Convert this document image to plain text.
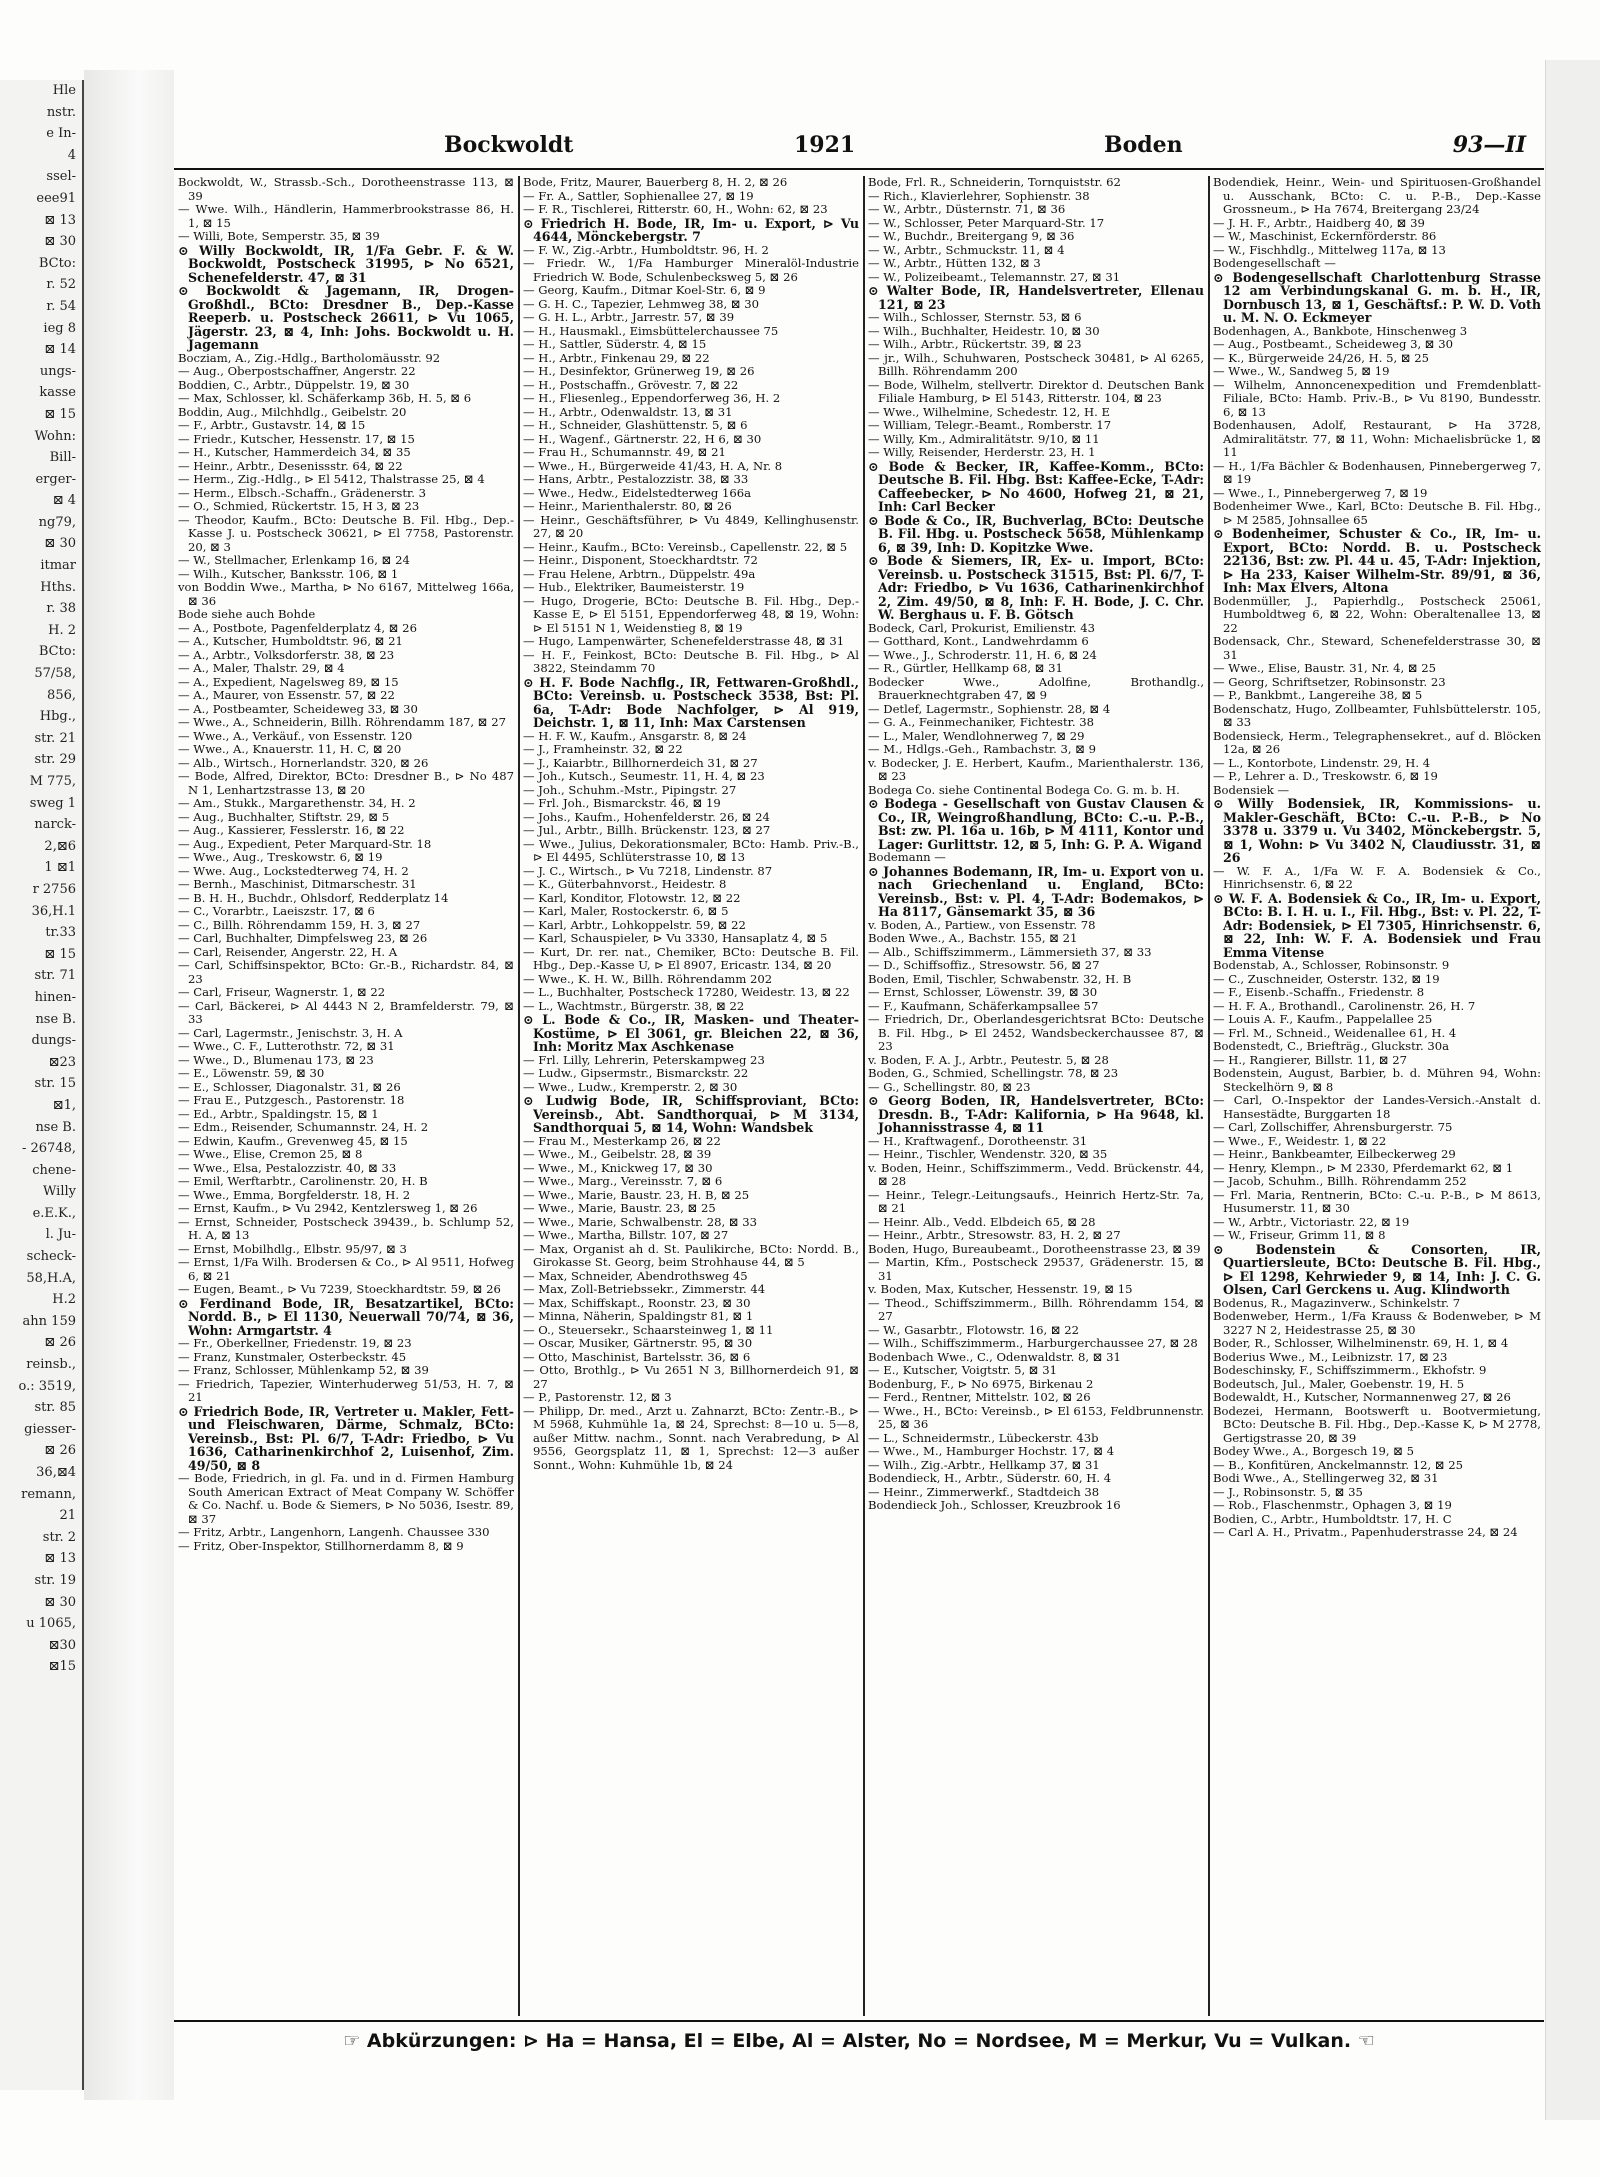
Hle
nstr.
e In-
4
ssel-
eee91
⊠ 13
⊠ 30
BCto:
r. 52
r. 54
ieg 8
⊠ 14
ungs-
kasse
⊠ 15
Wohn:
Bill-
erger-
⊠ 4
ng79,
⊠ 30
itmar
Hths.
r. 38
H. 2
BCto:
57/58,
856,
Hbg.,
str. 21
str. 29
M 775,
sweg 1
narck-
2,⊠6
1 ⊠1
r 2756
36,H.1
tr.33
⊠ 15
str. 71
hinen-
nse B.
dungs-
⊠23
str. 15
⊠1,
nse B.
- 26748,
chene-
Willy
e.E.K.,
l. Ju-
scheck-
58,H.A,
H.2
ahn 159
⊠ 26
reinsb.,
o.: 3519,
str. 85
giesser-
⊠ 26
36,⊠4
remann,
21
str. 2
⊠ 13
str. 19
⊠ 30
u 1065,
⊠30
⊠15
Bockwoldt	1921	Boden	93—II
Bockwoldt, W., Strassb.-Sch., Dorotheenstrasse 113, ⊠ 39
— Wwe. Wilh., Händlerin, Hammerbrookstrasse 86, H. 1, ⊠ 15
— Willi, Bote, Semperstr. 35, ⊠ 39
⊙ Willy Bockwoldt, IR, 1/Fa Gebr. F. & W. Bockwoldt, Postscheck 31995, ⊳ No 6521, Schenefelderstr. 47, ⊠ 31
⊙ Bockwoldt & Jagemann, IR, Drogen-Großhdl., BCto: Dresdner B., Dep.-Kasse Reeperb. u. Postscheck 26611, ⊳ Vu 1065, Jägerstr. 23, ⊠ 4, Inh: Johs. Bockwoldt u. H. Jagemann
Bocziam, A., Zig.-Hdlg., Bartholomäusstr. 92
— Aug., Oberpostschaffner, Angerstr. 22
Boddien, C., Arbtr., Düppelstr. 19, ⊠ 30
— Max, Schlosser, kl. Schäferkamp 36b, H. 5, ⊠ 6
Boddin, Aug., Milchhdlg., Geibelstr. 20
— F., Arbtr., Gustavstr. 14, ⊠ 15
— Friedr., Kutscher, Hessenstr. 17, ⊠ 15
— H., Kutscher, Hammerdeich 34, ⊠ 35
— Heinr., Arbtr., Desenissstr. 64, ⊠ 22
— Herm., Zig.-Hdlg., ⊳ El 5412, Thalstrasse 25, ⊠ 4
— Herm., Elbsch.-Schaffn., Grädenerstr. 3
— O., Schmied, Rückertstr. 15, H 3, ⊠ 23
— Theodor, Kaufm., BCto: Deutsche B. Fil. Hbg., Dep.-Kasse J. u. Postscheck 30621, ⊳ El 7758, Pastorenstr. 20, ⊠ 3
— W., Stellmacher, Erlenkamp 16, ⊠ 24
— Wilh., Kutscher, Banksstr. 106, ⊠ 1
von Boddin Wwe., Martha, ⊳ No 6167, Mittelweg 166a, ⊠ 36
Bode siehe auch Bohde
— A., Postbote, Pagenfelderplatz 4, ⊠ 26
— A., Kutscher, Humboldtstr. 96, ⊠ 21
— A., Arbtr., Volksdorferstr. 38, ⊠ 23
— A., Maler, Thalstr. 29, ⊠ 4
— A., Expedient, Nagelsweg 89, ⊠ 15
— A., Maurer, von Essenstr. 57, ⊠ 22
— A., Postbeamter, Scheideweg 33, ⊠ 30
— Wwe., A., Schneiderin, Billh. Röhrendamm 187, ⊠ 27
— Wwe., A., Verkäuf., von Essenstr. 120
— Wwe., A., Knauerstr. 11, H. C, ⊠ 20
— Alb., Wirtsch., Hornerlandstr. 320, ⊠ 26
— Bode, Alfred, Direktor, BCto: Dresdner B., ⊳ No 487 N 1, Lenhartzstrasse 13, ⊠ 20
— Am., Stukk., Margarethenstr. 34, H. 2
— Aug., Buchhalter, Stiftstr. 29, ⊠ 5
— Aug., Kassierer, Fesslerstr. 16, ⊠ 22
— Aug., Expedient, Peter Marquard-Str. 18
— Wwe., Aug., Treskowstr. 6, ⊠ 19
— Wwe. Aug., Lockstedterweg 74, H. 2
— Bernh., Maschinist, Ditmarschestr. 31
— B. H. H., Buchdr., Ohlsdorf, Redderplatz 14
— C., Vorarbtr., Laeiszstr. 17, ⊠ 6
— C., Billh. Röhrendamm 159, H. 3, ⊠ 27
— Carl, Buchhalter, Dimpfelsweg 23, ⊠ 26
— Carl, Reisender, Angerstr. 22, H. A
— Carl, Schiffsinspektor, BCto: Gr.-B., Richardstr. 84, ⊠ 23
— Carl, Friseur, Wagnerstr. 1, ⊠ 22
— Carl, Bäckerei, ⊳ Al 4443 N 2, Bramfelderstr. 79, ⊠ 33
— Carl, Lagermstr., Jenischstr. 3, H. A
— Wwe., C. F., Lutterothstr. 72, ⊠ 31
— Wwe., D., Blumenau 173, ⊠ 23
— E., Löwenstr. 59, ⊠ 30
— E., Schlosser, Diagonalstr. 31, ⊠ 26
— Frau E., Putzgesch., Pastorenstr. 18
— Ed., Arbtr., Spaldingstr. 15, ⊠ 1
— Edm., Reisender, Schumannstr. 24, H. 2
— Edwin, Kaufm., Grevenweg 45, ⊠ 15
— Wwe., Elise, Cremon 25, ⊠ 8
— Wwe., Elsa, Pestalozzistr. 40, ⊠ 33
— Emil, Werftarbtr., Carolinenstr. 20, H. B
— Wwe., Emma, Borgfelderstr. 18, H. 2
— Ernst, Kaufm., ⊳ Vu 2942, Kentzlersweg 1, ⊠ 26
— Ernst, Schneider, Postscheck 39439., b. Schlump 52, H. A, ⊠ 13
— Ernst, Mobilhdlg., Elbstr. 95/97, ⊠ 3
— Ernst, 1/Fa Wilh. Brodersen & Co., ⊳ Al 9511, Hofweg 6, ⊠ 21
— Eugen, Beamt., ⊳ Vu 7239, Stoeckhardtstr. 59, ⊠ 26
⊙ Ferdinand Bode, IR, Besatzartikel, BCto: Nordd. B., ⊳ El 1130, Neuerwall 70/74, ⊠ 36, Wohn: Armgartstr. 4
— Fr., Oberkellner, Friedenstr. 19, ⊠ 23
— Franz, Kunstmaler, Osterbeckstr. 45
— Franz, Schlosser, Mühlenkamp 52, ⊠ 39
— Friedrich, Tapezier, Winterhuderweg 51/53, H. 7, ⊠ 21
⊙ Friedrich Bode, IR, Vertreter u. Makler, Fett- und Fleischwaren, Därme, Schmalz, BCto: Vereinsb., Bst: Pl. 6/7, T-Adr: Friedbo, ⊳ Vu 1636, Catharinenkirchhof 2, Luisenhof, Zim. 49/50, ⊠ 8
— Bode, Friedrich, in gl. Fa. und in d. Firmen Hamburg South American Extract of Meat Company W. Schöffer & Co. Nachf. u. Bode & Siemers, ⊳ No 5036, Isestr. 89, ⊠ 37
— Fritz, Arbtr., Langenhorn, Langenh. Chaussee 330
— Fritz, Ober-Inspektor, Stillhornerdamm 8, ⊠ 9
Bode, Fritz, Maurer, Bauerberg 8, H. 2, ⊠ 26
— Fr. A., Sattler, Sophienallee 27, ⊠ 19
— F. R., Tischlerei, Ritterstr. 60, H., Wohn: 62, ⊠ 23
⊙ Friedrich H. Bode, IR, Im- u. Export, ⊳ Vu 4644, Mönckebergstr. 7
— F. W., Zig.-Arbtr., Humboldtstr. 96, H. 2
— Friedr. W., 1/Fa Hamburger Mineralöl-Industrie Friedrich W. Bode, Schulenbecksweg 5, ⊠ 26
— Georg, Kaufm., Ditmar Koel-Str. 6, ⊠ 9
— G. H. C., Tapezier, Lehmweg 38, ⊠ 30
— G. H. L., Arbtr., Jarrestr. 57, ⊠ 39
— H., Hausmakl., Eimsbüttelerchaussee 75
— H., Sattler, Süderstr. 4, ⊠ 15
— H., Arbtr., Finkenau 29, ⊠ 22
— H., Desinfektor, Grünerweg 19, ⊠ 26
— H., Postschaffn., Grövestr. 7, ⊠ 22
— H., Fliesenleg., Eppendorferweg 36, H. 2
— H., Arbtr., Odenwaldstr. 13, ⊠ 31
— H., Schneider, Glashüttenstr. 5, ⊠ 6
— H., Wagenf., Gärtnerstr. 22, H 6, ⊠ 30
— Frau H., Schumannstr. 49, ⊠ 21
— Wwe., H., Bürgerweide 41/43, H. A, Nr. 8
— Hans, Arbtr., Pestalozzistr. 38, ⊠ 33
— Wwe., Hedw., Eidelstedterweg 166a
— Heinr., Marienthalerstr. 80, ⊠ 26
— Heinr., Geschäftsführer, ⊳ Vu 4849, Kellinghusenstr. 27, ⊠ 20
— Heinr., Kaufm., BCto: Vereinsb., Capellenstr. 22, ⊠ 5
— Heinr., Disponent, Stoeckhardtstr. 72
— Frau Helene, Arbtrn., Düppelstr. 49a
— Hub., Elektriker, Baumeisterstr. 19
— Hugo, Drogerie, BCto: Deutsche B. Fil. Hbg., Dep.-Kasse E, ⊳ El 5151, Eppendorferweg 48, ⊠ 19, Wohn: ⊳ El 5151 N 1, Weidenstieg 8, ⊠ 19
— Hugo, Lampenwärter, Schenefelderstrasse 48, ⊠ 31
— H. F., Feinkost, BCto: Deutsche B. Fil. Hbg., ⊳ Al 3822, Steindamm 70
⊙ H. F. Bode Nachflg., IR, Fettwaren-Großhdl., BCto: Vereinsb. u. Postscheck 3538, Bst: Pl. 6a, T-Adr: Bode Nachfolger, ⊳ Al 919, Deichstr. 1, ⊠ 11, Inh: Max Carstensen
— H. F. W., Kaufm., Ansgarstr. 8, ⊠ 24
— J., Framheinstr. 32, ⊠ 22
— J., Kaiarbtr., Billhornerdeich 31, ⊠ 27
— Joh., Kutsch., Seumestr. 11, H. 4, ⊠ 23
— Joh., Schuhm.-Mstr., Pipingstr. 27
— Frl. Joh., Bismarckstr. 46, ⊠ 19
— Johs., Kaufm., Hohenfelderstr. 26, ⊠ 24
— Jul., Arbtr., Billh. Brückenstr. 123, ⊠ 27
— Wwe., Julius, Dekorationsmaler, BCto: Hamb. Priv.-B., ⊳ El 4495, Schlüterstrasse 10, ⊠ 13
— J. C., Wirtsch., ⊳ Vu 7218, Lindenstr. 87
— K., Güterbahnvorst., Heidestr. 8
— Karl, Konditor, Flotowstr. 12, ⊠ 22
— Karl, Maler, Rostockerstr. 6, ⊠ 5
— Karl, Arbtr., Lohkoppelstr. 59, ⊠ 22
— Karl, Schauspieler, ⊳ Vu 3330, Hansaplatz 4, ⊠ 5
— Kurt, Dr. rer. nat., Chemiker, BCto: Deutsche B. Fil. Hbg., Dep.-Kasse U, ⊳ El 8907, Ericastr. 134, ⊠ 20
— Wwe., K. H. W., Billh. Röhrendamm 202
— L., Buchhalter, Postscheck 17280, Weidestr. 13, ⊠ 22
— L., Wachtmstr., Bürgerstr. 38, ⊠ 22
⊙ L. Bode & Co., IR, Masken- und Theater-Kostüme, ⊳ El 3061, gr. Bleichen 22, ⊠ 36, Inh: Moritz Max Aschkenase
— Frl. Lilly, Lehrerin, Peterskampweg 23
— Ludw., Gipsermstr., Bismarckstr. 22
— Wwe., Ludw., Kremperstr. 2, ⊠ 30
⊙ Ludwig Bode, IR, Schiffsproviant, BCto: Vereinsb., Abt. Sandthorquai, ⊳ M 3134, Sandthorquai 5, ⊠ 14, Wohn: Wandsbek
— Frau M., Mesterkamp 26, ⊠ 22
— Wwe., M., Geibelstr. 28, ⊠ 39
— Wwe., M., Knickweg 17, ⊠ 30
— Wwe., Marg., Vereinsstr. 7, ⊠ 6
— Wwe., Marie, Baustr. 23, H. B, ⊠ 25
— Wwe., Marie, Baustr. 23, ⊠ 25
— Wwe., Marie, Schwalbenstr. 28, ⊠ 33
— Wwe., Martha, Billstr. 107, ⊠ 27
— Max, Organist ah d. St. Paulikirche, BCto: Nordd. B., Girokasse St. Georg, beim Strohhause 44, ⊠ 5
— Max, Schneider, Abendrothsweg 45
— Max, Zoll-Betriebssekr., Zimmerstr. 44
— Max, Schiffskapt., Roonstr. 23, ⊠ 30
— Minna, Näherin, Spaldingstr 81, ⊠ 1
— O., Steuersekr., Schaarsteinweg 1, ⊠ 11
— Oscar, Musiker, Gärtnerstr. 95, ⊠ 30
— Otto, Maschinist, Bartelsstr. 36, ⊠ 6
— Otto, Brothlg., ⊳ Vu 2651 N 3, Billhornerdeich 91, ⊠ 27
— P., Pastorenstr. 12, ⊠ 3
— Philipp, Dr. med., Arzt u. Zahnarzt, BCto: Zentr.-B., ⊳ M 5968, Kuhmühle 1a, ⊠ 24, Sprechst: 8—10 u. 5—8, außer Mittw. nachm., Sonnt. nach Verabredung, ⊳ Al 9556, Georgsplatz 11, ⊠ 1, Sprechst: 12—3 außer Sonnt., Wohn: Kuhmühle 1b, ⊠ 24
Bode, Frl. R., Schneiderin, Tornquiststr. 62
— Rich., Klavierlehrer, Sophienstr. 38
— W., Arbtr., Düsternstr. 71, ⊠ 36
— W., Schlosser, Peter Marquard-Str. 17
— W., Buchdr., Breitergang 9, ⊠ 36
— W., Arbtr., Schmuckstr. 11, ⊠ 4
— W., Arbtr., Hütten 132, ⊠ 3
— W., Polizeibeamt., Telemannstr. 27, ⊠ 31
⊙ Walter Bode, IR, Handelsvertreter, Ellenau 121, ⊠ 23
— Wilh., Schlosser, Sternstr. 53, ⊠ 6
— Wilh., Buchhalter, Heidestr. 10, ⊠ 30
— Wilh., Arbtr., Rückertstr. 39, ⊠ 23
— jr., Wilh., Schuhwaren, Postscheck 30481, ⊳ Al 6265, Billh. Röhrendamm 200
— Bode, Wilhelm, stellvertr. Direktor d. Deutschen Bank Filiale Hamburg, ⊳ El 5143, Ritterstr. 104, ⊠ 23
— Wwe., Wilhelmine, Schedestr. 12, H. E
— William, Telegr.-Beamt., Romberstr. 17
— Willy, Km., Admiralitätstr. 9/10, ⊠ 11
— Willy, Reisender, Herderstr. 23, H. 1
⊙ Bode & Becker, IR, Kaffee-Komm., BCto: Deutsche B. Fil. Hbg. Bst: Kaffee-Ecke, T-Adr: Caffeebecker, ⊳ No 4600, Hofweg 21, ⊠ 21, Inh: Carl Becker
⊙ Bode & Co., IR, Buchverlag, BCto: Deutsche B. Fil. Hbg. u. Postscheck 5658, Mühlenkamp 6, ⊠ 39, Inh: D. Kopitzke Wwe.
⊙ Bode & Siemers, IR, Ex- u. Import, BCto: Vereinsb. u. Postscheck 31515, Bst: Pl. 6/7, T-Adr: Friedbo, ⊳ Vu 1636, Catharinenkirchhof 2, Zim. 49/50, ⊠ 8, Inh: F. H. Bode, J. C. Chr. W. Berghaus u. F. B. Götsch
Bodeck, Carl, Prokurist, Emilienstr. 43
— Gotthard, Kont., Landwehrdamm 6
— Wwe., J., Schroderstr. 11, H. 6, ⊠ 24
— R., Gürtler, Hellkamp 68, ⊠ 31
Bodecker Wwe., Adolfine, Brothandlg., Brauerknechtgraben 47, ⊠ 9
— Detlef, Lagermstr., Sophienstr. 28, ⊠ 4
— G. A., Feinmechaniker, Fichtestr. 38
— L., Maler, Wendlohnerweg 7, ⊠ 29
— M., Hdlgs.-Geh., Rambachstr. 3, ⊠ 9
v. Bodecker, J. E. Herbert, Kaufm., Marienthalerstr. 136, ⊠ 23
Bodega Co. siehe Continental Bodega Co. G. m. b. H.
⊙ Bodega - Gesellschaft von Gustav Clausen & Co., IR, Weingroßhandlung, BCto: C.-u. P.-B., Bst: zw. Pl. 16a u. 16b, ⊳ M 4111, Kontor und Lager: Gurlittstr. 12, ⊠ 5, Inh: G. P. A. Wigand
Bodemann —
⊙ Johannes Bodemann, IR, Im- u. Export von u. nach Griechenland u. England, BCto: Vereinsb., Bst: v. Pl. 4, T-Adr: Bodemakos, ⊳ Ha 8117, Gänsemarkt 35, ⊠ 36
v. Boden, A., Partiew., von Essenstr. 78
Boden Wwe., A., Bachstr. 155, ⊠ 21
— Alb., Schiffszimmerm., Lämmersieth 37, ⊠ 33
— D., Schiffsoffiz., Stresowstr. 56, ⊠ 27
Boden, Emil, Tischler, Schwabenstr. 32, H. B
— Ernst, Schlosser, Löwenstr. 39, ⊠ 30
— F., Kaufmann, Schäferkampsallee 57
— Friedrich, Dr., Oberlandesgerichtsrat BCto: Deutsche B. Fil. Hbg., ⊳ El 2452, Wandsbeckerchaussee 87, ⊠ 23
v. Boden, F. A. J., Arbtr., Peutestr. 5, ⊠ 28
Boden, G., Schmied, Schellingstr. 78, ⊠ 23
— G., Schellingstr. 80, ⊠ 23
⊙ Georg Boden, IR, Handelsvertreter, BCto: Dresdn. B., T-Adr: Kalifornia, ⊳ Ha 9648, kl. Johannisstrasse 4, ⊠ 11
— H., Kraftwagenf., Dorotheenstr. 31
— Heinr., Tischler, Wendenstr. 320, ⊠ 35
v. Boden, Heinr., Schiffszimmerm., Vedd. Brückenstr. 44, ⊠ 28
— Heinr., Telegr.-Leitungsaufs., Heinrich Hertz-Str. 7a, ⊠ 21
— Heinr. Alb., Vedd. Elbdeich 65, ⊠ 28
— Heinr., Arbtr., Stresowstr. 83, H. 2, ⊠ 27
Boden, Hugo, Bureaubeamt., Dorotheenstrasse 23, ⊠ 39
— Martin, Kfm., Postscheck 29537, Grädenerstr. 15, ⊠ 31
v. Boden, Max, Kutscher, Hessenstr. 19, ⊠ 15
— Theod., Schiffszimmerm., Billh. Röhrendamm 154, ⊠ 27
— W., Gasarbtr., Flotowstr. 16, ⊠ 22
— Wilh., Schiffszimmerm., Harburgerchaussee 27, ⊠ 28
Bodenbach Wwe., C., Odenwaldstr. 8, ⊠ 31
— E., Kutscher, Voigtstr. 5, ⊠ 31
Bodenburg, F., ⊳ No 6975, Birkenau 2
— Ferd., Rentner, Mittelstr. 102, ⊠ 26
— Wwe., H., BCto: Vereinsb., ⊳ El 6153, Feldbrunnenstr. 25, ⊠ 36
— L., Schneidermstr., Lübeckerstr. 43b
— Wwe., M., Hamburger Hochstr. 17, ⊠ 4
— Wilh., Zig.-Arbtr., Hellkamp 37, ⊠ 31
Bodendieck, H., Arbtr., Süderstr. 60, H. 4
— Heinr., Zimmerwerkf., Stadtdeich 38
Bodendieck Joh., Schlosser, Kreuzbrook 16
Bodendiek, Heinr., Wein- und Spirituosen-Großhandel u. Ausschank, BCto: C. u. P.-B., Dep.-Kasse Grossneum., ⊳ Ha 7674, Breitergang 23/24
— J. H. F., Arbtr., Haidberg 40, ⊠ 39
— W., Maschinist, Eckernförderstr. 86
— W., Fischhdlg., Mittelweg 117a, ⊠ 13
Bodengesellschaft —
⊙ Bodengesellschaft Charlottenburg Strasse 12 am Verbindungskanal G. m. b. H., IR, Dornbusch 13, ⊠ 1, Geschäftsf.: P. W. D. Voth u. M. N. O. Eckmeyer
Bodenhagen, A., Bankbote, Hinschenweg 3
— Aug., Postbeamt., Scheideweg 3, ⊠ 30
— K., Bürgerweide 24/26, H. 5, ⊠ 25
— Wwe., W., Sandweg 5, ⊠ 19
— Wilhelm, Annoncenexpedition und Fremdenblatt-Filiale, BCto: Hamb. Priv.-B., ⊳ Vu 8190, Bundesstr. 6, ⊠ 13
Bodenhausen, Adolf, Restaurant, ⊳ Ha 3728, Admiralitätstr. 77, ⊠ 11, Wohn: Michaelisbrücke 1, ⊠ 11
— H., 1/Fa Bächler & Bodenhausen, Pinnebergerweg 7, ⊠ 19
— Wwe., I., Pinnebergerweg 7, ⊠ 19
Bodenheimer Wwe., Karl, BCto: Deutsche B. Fil. Hbg., ⊳ M 2585, Johnsallee 65
⊙ Bodenheimer, Schuster & Co., IR, Im- u. Export, BCto: Nordd. B. u. Postscheck 22136, Bst: zw. Pl. 44 u. 45, T-Adr: Injektion, ⊳ Ha 233, Kaiser Wilhelm-Str. 89/91, ⊠ 36, Inh: Max Elvers, Altona
Bodenmüller, J., Papierhdlg., Postscheck 25061, Humboldtweg 6, ⊠ 22, Wohn: Oberaltenallee 13, ⊠ 22
Bodensack, Chr., Steward, Schenefelderstrasse 30, ⊠ 31
— Wwe., Elise, Baustr. 31, Nr. 4, ⊠ 25
— Georg, Schriftsetzer, Robinsonstr. 23
— P., Bankbmt., Langereihe 38, ⊠ 5
Bodenschatz, Hugo, Zollbeamter, Fuhlsbüttelerstr. 105, ⊠ 33
Bodensieck, Herm., Telegraphensekret., auf d. Blöcken 12a, ⊠ 26
— L., Kontorbote, Lindenstr. 29, H. 4
— P., Lehrer a. D., Treskowstr. 6, ⊠ 19
Bodensiek —
⊙ Willy Bodensiek, IR, Kommissions- u. Makler-Geschäft, BCto: C.-u. P.-B., ⊳ No 3378 u. 3379 u. Vu 3402, Mönckebergstr. 5, ⊠ 1, Wohn: ⊳ Vu 3402 N, Claudiusstr. 31, ⊠ 26
— W. F. A., 1/Fa W. F. A. Bodensiek & Co., Hinrichsenstr. 6, ⊠ 22
⊙ W. F. A. Bodensiek & Co., IR, Im- u. Export, BCto: B. I. H. u. I., Fil. Hbg., Bst: v. Pl. 22, T-Adr: Bodensiek, ⊳ El 7305, Hinrichsenstr. 6, ⊠ 22, Inh: W. F. A. Bodensiek und Frau Emma Vitense
Bodenstab, A., Schlosser, Robinsonstr. 9
— C., Zuschneider, Osterstr. 132, ⊠ 19
— F., Eisenb.-Schaffn., Friedenstr. 8
— H. F. A., Brothandl., Carolinenstr. 26, H. 7
— Louis A. F., Kaufm., Pappelallee 25
— Frl. M., Schneid., Weidenallee 61, H. 4
Bodenstedt, C., Briefträg., Gluckstr. 30a
— H., Rangierer, Billstr. 11, ⊠ 27
Bodenstein, August, Barbier, b. d. Mühren 94, Wohn: Steckelhörn 9, ⊠ 8
— Carl, O.-Inspektor der Landes-Versich.-Anstalt d. Hansestädte, Burggarten 18
— Carl, Zollschiffer, Ahrensburgerstr. 75
— Wwe., F., Weidestr. 1, ⊠ 22
— Heinr., Bankbeamter, Eilbeckerweg 29
— Henry, Klempn., ⊳ M 2330, Pferdemarkt 62, ⊠ 1
— Jacob, Schuhm., Billh. Röhrendamm 252
— Frl. Maria, Rentnerin, BCto: C.-u. P.-B., ⊳ M 8613, Husumerstr. 11, ⊠ 30
— W., Arbtr., Victoriastr. 22, ⊠ 19
— W., Friseur, Grimm 11, ⊠ 8
⊙ Bodenstein & Consorten, IR, Quartiersleute, BCto: Deutsche B. Fil. Hbg., ⊳ El 1298, Kehrwieder 9, ⊠ 14, Inh: J. C. G. Olsen, Carl Gerckens u. Aug. Klindworth
Bodenus, R., Magazinverw., Schinkelstr. 7
Bodenweber, Herm., 1/Fa Krauss & Bodenweber, ⊳ M 3227 N 2, Heidestrasse 25, ⊠ 30
Boder, R., Schlosser, Wilhelminenstr. 69, H. 1, ⊠ 4
Boderius Wwe., M., Leibnizstr. 17, ⊠ 23
Bodeschinsky, F., Schiffszimmerm., Ekhofstr. 9
Bodeutsch, Jul., Maler, Goebenstr. 19, H. 5
Bodewaldt, H., Kutscher, Normannenweg 27, ⊠ 26
Bodezei, Hermann, Bootswerft u. Bootvermietung, BCto: Deutsche B. Fil. Hbg., Dep.-Kasse K, ⊳ M 2778, Gertigstrasse 20, ⊠ 39
Bodey Wwe., A., Borgesch 19, ⊠ 5
— B., Konfitüren, Anckelmannstr. 12, ⊠ 25
Bodi Wwe., A., Stellingerweg 32, ⊠ 31
— J., Robinsonstr. 5, ⊠ 35
— Rob., Flaschenmstr., Ophagen 3, ⊠ 19
Bodien, C., Arbtr., Humboldtstr. 17, H. C
— Carl A. H., Privatm., Papenhuderstrasse 24, ⊠ 24
☞ Abkürzungen: ⊳ Ha = Hansa, El = Elbe, Al = Alster, No = Nordsee, M = Merkur, Vu = Vulkan. ☜
